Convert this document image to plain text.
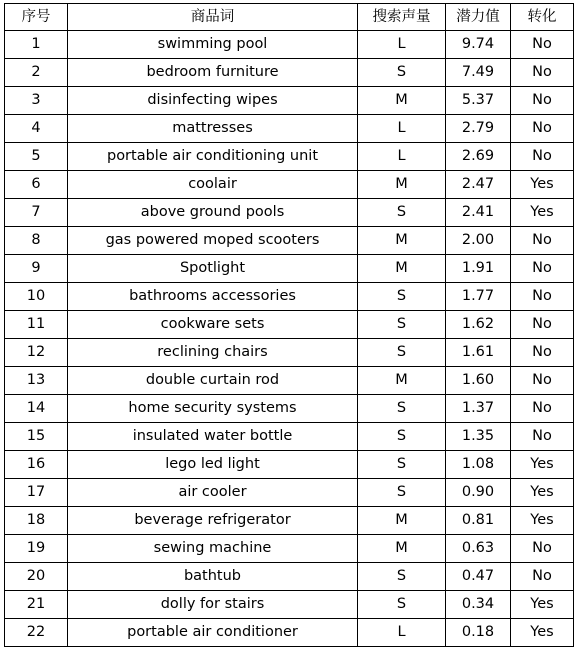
序号	商品词	搜索声量	潜力值	转化
1	swimming pool	L	9.74	No
2	bedroom furniture	S	7.49	No
3	disinfecting wipes	M	5.37	No
4	mattresses	L	2.79	No
5	portable air conditioning unit	L	2.69	No
6	coolair	M	2.47	Yes
7	above ground pools	S	2.41	Yes
8	gas powered moped scooters	M	2.00	No
9	Spotlight	M	1.91	No
10	bathrooms accessories	S	1.77	No
11	cookware sets	S	1.62	No
12	reclining chairs	S	1.61	No
13	double curtain rod	M	1.60	No
14	home security systems	S	1.37	No
15	insulated water bottle	S	1.35	No
16	lego led light	S	1.08	Yes
17	air cooler	S	0.90	Yes
18	beverage refrigerator	M	0.81	Yes
19	sewing machine	M	0.63	No
20	bathtub	S	0.47	No
21	dolly for stairs	S	0.34	Yes
22	portable air conditioner	L	0.18	Yes
